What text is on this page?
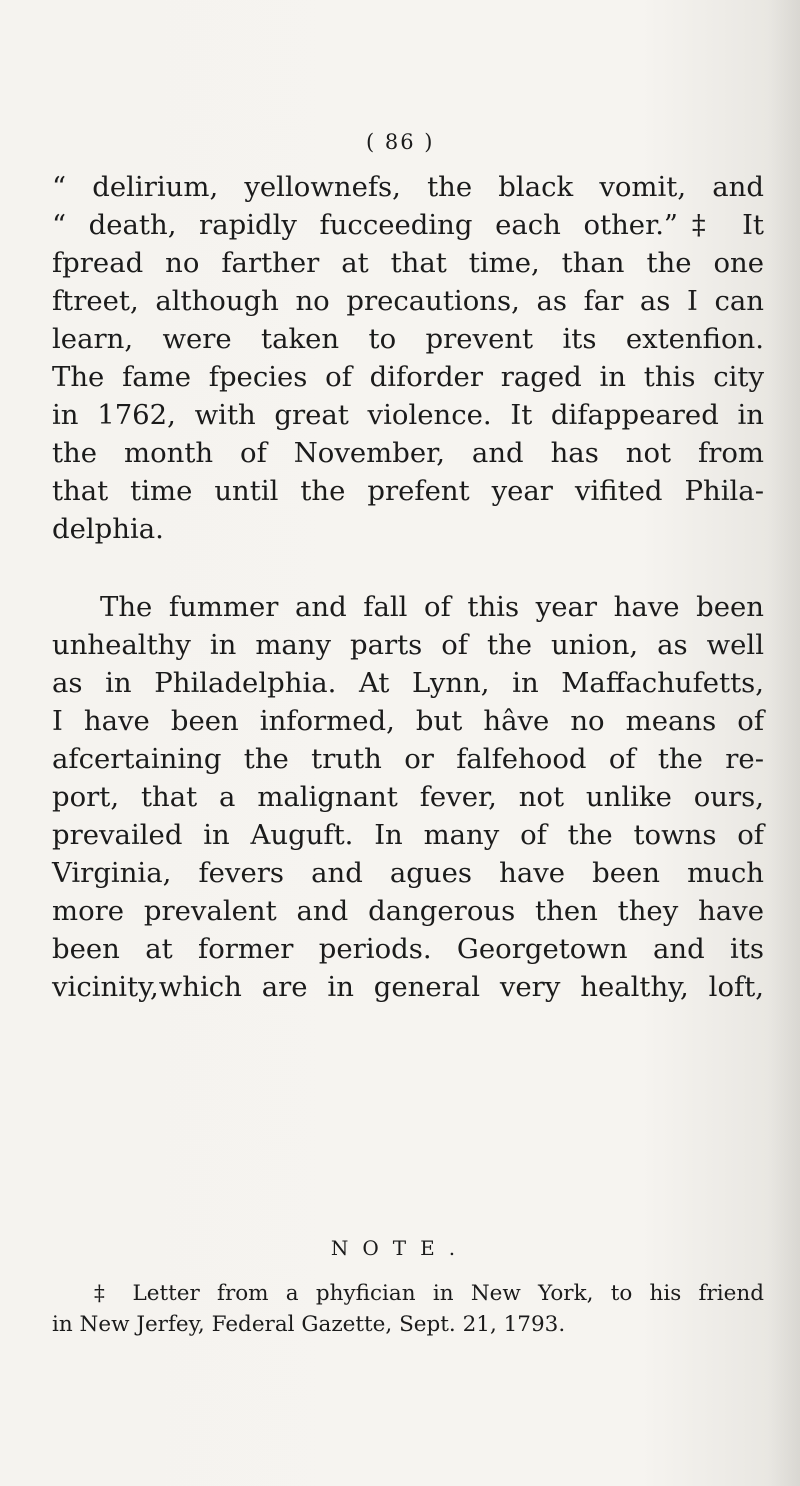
( 86 )

“ delirium, yellownefs, the black vomit, and
“ death, rapidly fucceeding each other.”‡ It
fpread no farther at that time, than the one
ftreet, although no precautions, as far as I can
learn, were taken to prevent its extenfion.
The fame fpecies of diforder raged in this city
in 1762, with great violence. It difappeared in
the month of November, and has not from
that time until the prefent year vifited Phila-
delphia.

The fummer and fall of this year have been
unhealthy in many parts of the union, as well
as in Philadelphia. At Lynn, in Maffachufetts,
I have been informed, but hâve no means of
afcertaining the truth or falfehood of the re-
port, that a malignant fever, not unlike ours,
prevailed in Auguft. In many of the towns of
Virginia, fevers and agues have been much
more prevalent and dangerous then they have
been at former periods. Georgetown and its
vicinity,which are in general very healthy, loft,

NOTE.
‡ Letter from a phyfician in New York, to his friend
in New Jerfey, Federal Gazette, Sept. 21, 1793.
